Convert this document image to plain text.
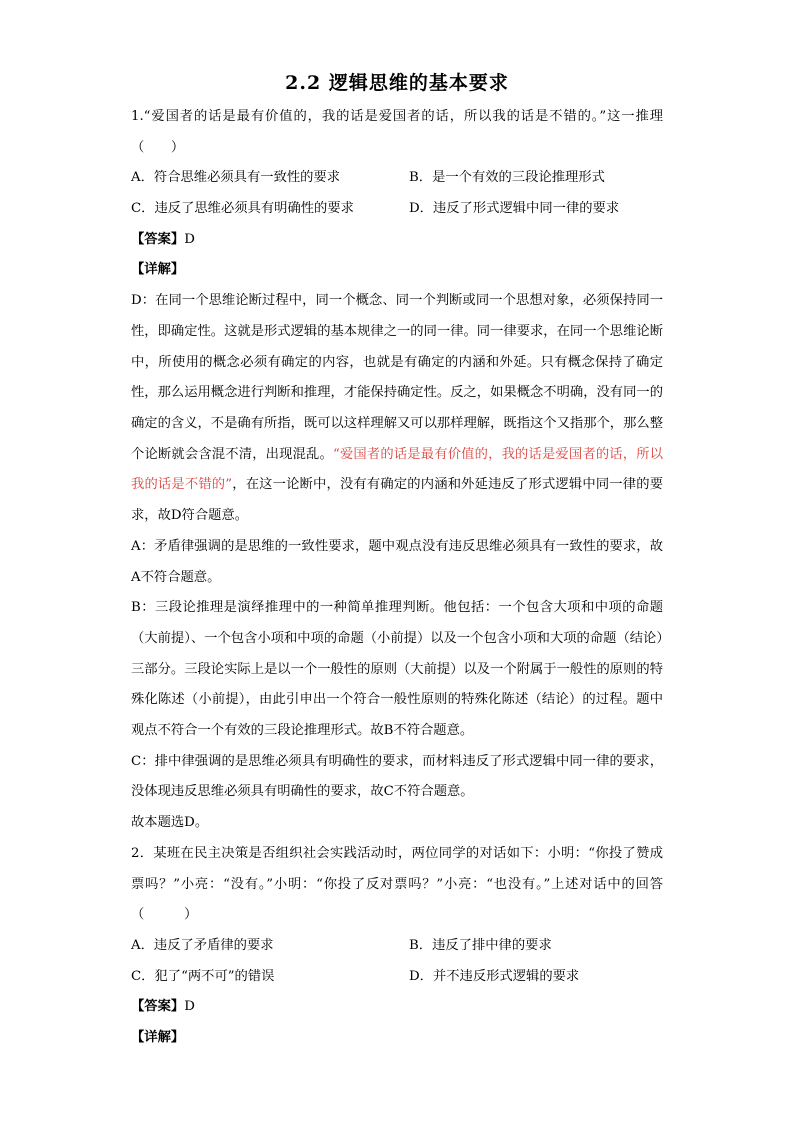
2.2 逻辑思维的基本要求

1.“爱国者的话是最有价值的，我的话是爱国者的话，所以我的话是不错的。”这一推理（　　）

A．符合思维必须具有一致性的要求	B．是一个有效的三段论推理形式
C．违反了思维必须具有明确性的要求	D．违反了形式逻辑中同一律的要求

【答案】D

【详解】

D：在同一个思维论断过程中，同一个概念、同一个判断或同一个思想对象，必须保持同一性，即确定性。这就是形式逻辑的基本规律之一的同一律。同一律要求，在同一个思维论断中，所使用的概念必须有确定的内容，也就是有确定的内涵和外延。只有概念保持了确定性，那么运用概念进行判断和推理，才能保持确定性。反之，如果概念不明确，没有同一的确定的含义，不是确有所指，既可以这样理解又可以那样理解，既指这个又指那个，那么整个论断就会含混不清，出现混乱。“爱国者的话是最有价值的，我的话是爱国者的话，所以我的话是不错的”，在这一论断中，没有有确定的内涵和外延违反了形式逻辑中同一律的要求，故D符合题意。

A：矛盾律强调的是思维的一致性要求，题中观点没有违反思维必须具有一致性的要求，故A不符合题意。

B：三段论推理是演绎推理中的一种简单推理判断。他包括：一个包含大项和中项的命题（大前提）、一个包含小项和中项的命题（小前提）以及一个包含小项和大项的命题（结论）三部分。三段论实际上是以一个一般性的原则（大前提）以及一个附属于一般性的原则的特殊化陈述（小前提），由此引申出一个符合一般性原则的特殊化陈述（结论）的过程。题中观点不符合一个有效的三段论推理形式。故B不符合题意。

C：排中律强调的是思维必须具有明确性的要求，而材料违反了形式逻辑中同一律的要求，没体现违反思维必须具有明确性的要求，故C不符合题意。

故本题选D。

2．某班在民主决策是否组织社会实践活动时，两位同学的对话如下：小明：“你投了赞成票吗？”小亮：“没有。”小明：“你投了反对票吗？”小亮：“也没有。”上述对话中的回答（　　　）

A．违反了矛盾律的要求	B．违反了排中律的要求
C．犯了“两不可”的错误	D．并不违反形式逻辑的要求

【答案】D

【详解】
